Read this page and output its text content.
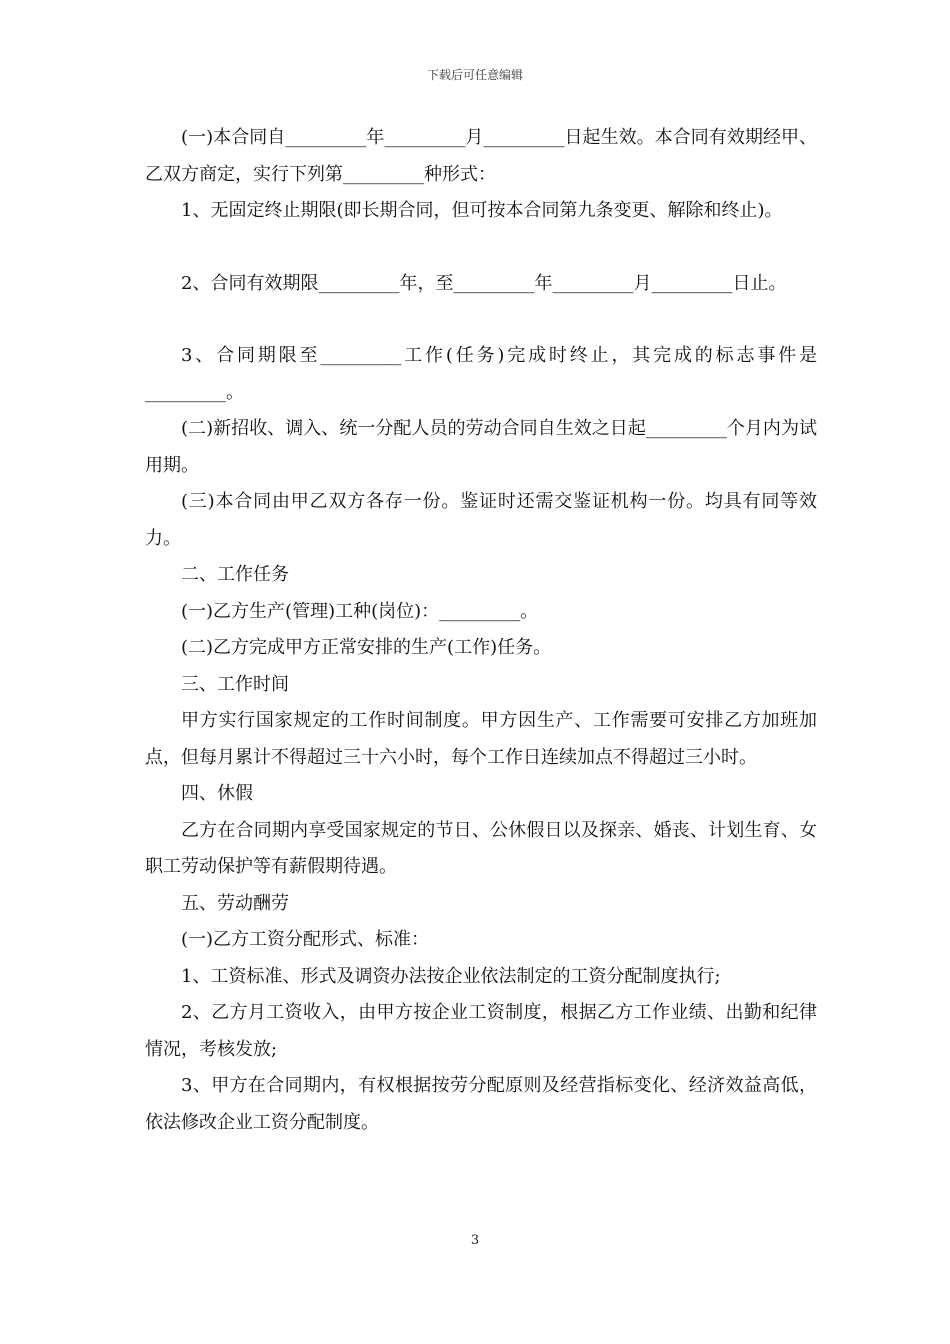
下载后可任意编辑

(一)本合同自_________年_________月_________日起生效。本合同有效期经甲、乙双方商定，实行下列第_________种形式：

1、无固定终止期限(即长期合同，但可按本合同第九条变更、解除和终止)。

2、合同有效期限_________年，至_________年_________月_________日止。

3、合同期限至_________工作(任务)完成时终止，其完成的标志事件是_________。

(二)新招收、调入、统一分配人员的劳动合同自生效之日起_________个月内为试用期。

(三)本合同由甲乙双方各存一份。鉴证时还需交鉴证机构一份。均具有同等效力。

二、工作任务

(一)乙方生产(管理)工种(岗位)：_________。

(二)乙方完成甲方正常安排的生产(工作)任务。

三、工作时间

甲方实行国家规定的工作时间制度。甲方因生产、工作需要可安排乙方加班加点，但每月累计不得超过三十六小时，每个工作日连续加点不得超过三小时。

四、休假

乙方在合同期内享受国家规定的节日、公休假日以及探亲、婚丧、计划生育、女职工劳动保护等有薪假期待遇。

五、劳动酬劳

(一)乙方工资分配形式、标准：

1、工资标准、形式及调资办法按企业依法制定的工资分配制度执行;

2、乙方月工资收入，由甲方按企业工资制度，根据乙方工作业绩、出勤和纪律情况，考核发放;

3、甲方在合同期内，有权根据按劳分配原则及经营指标变化、经济效益高低，依法修改企业工资分配制度。

3
